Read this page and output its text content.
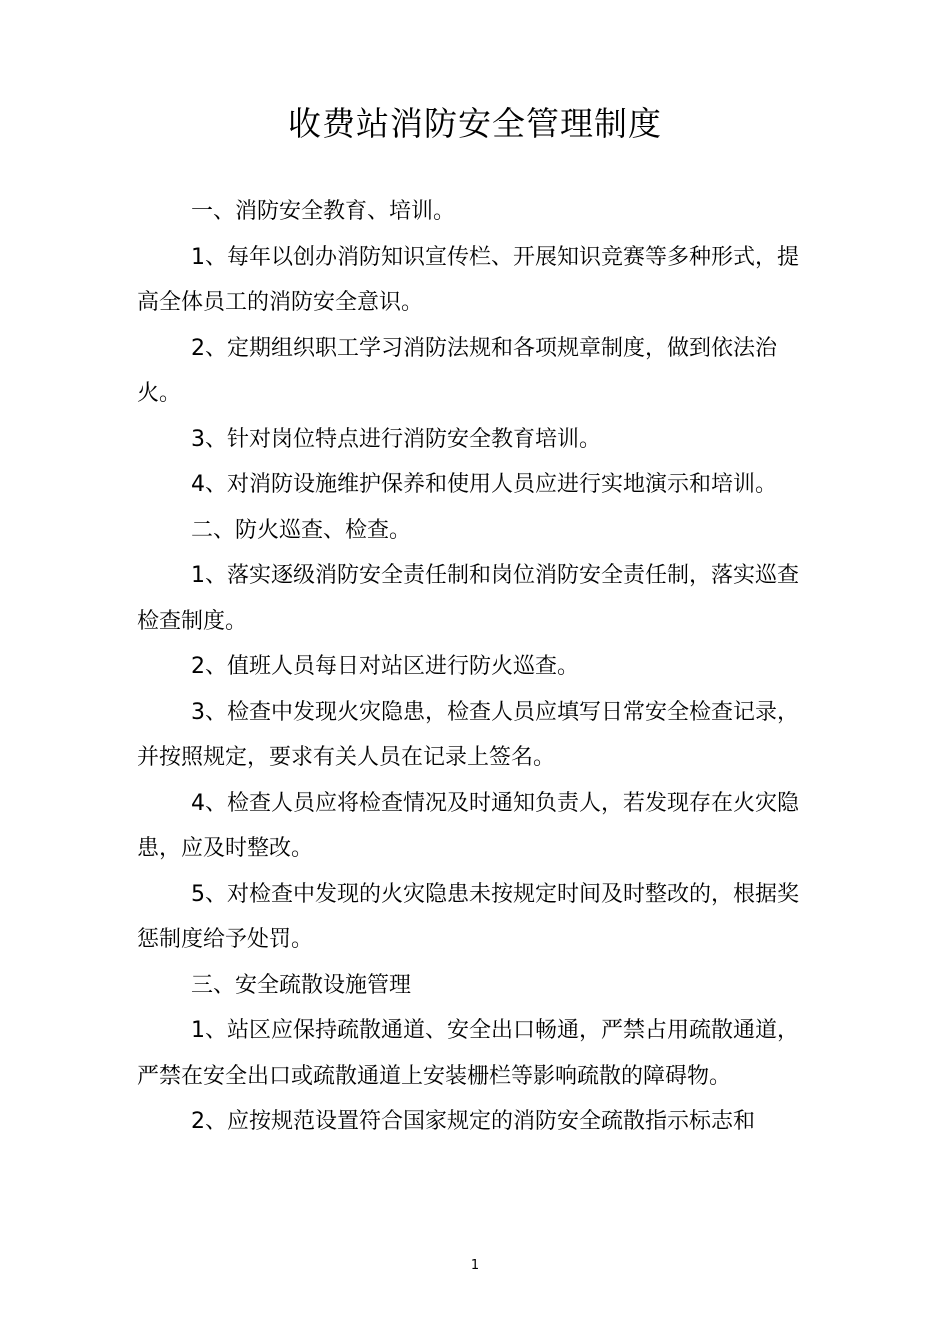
收费站消防安全管理制度

一、消防安全教育、培训。

1、每年以创办消防知识宣传栏、开展知识竞赛等多种形式，提高全体员工的消防安全意识。

2、定期组织职工学习消防法规和各项规章制度，做到依法治火。

3、针对岗位特点进行消防安全教育培训。

4、对消防设施维护保养和使用人员应进行实地演示和培训。

二、防火巡查、检查。

1、落实逐级消防安全责任制和岗位消防安全责任制，落实巡查检查制度。

2、值班人员每日对站区进行防火巡查。

3、检查中发现火灾隐患，检查人员应填写日常安全检查记录，并按照规定，要求有关人员在记录上签名。

4、检查人员应将检查情况及时通知负责人，若发现存在火灾隐患，应及时整改。

5、对检查中发现的火灾隐患未按规定时间及时整改的，根据奖惩制度给予处罚。

三、安全疏散设施管理

1、站区应保持疏散通道、安全出口畅通，严禁占用疏散通道，严禁在安全出口或疏散通道上安装栅栏等影响疏散的障碍物。

2、应按规范设置符合国家规定的消防安全疏散指示标志和

1
